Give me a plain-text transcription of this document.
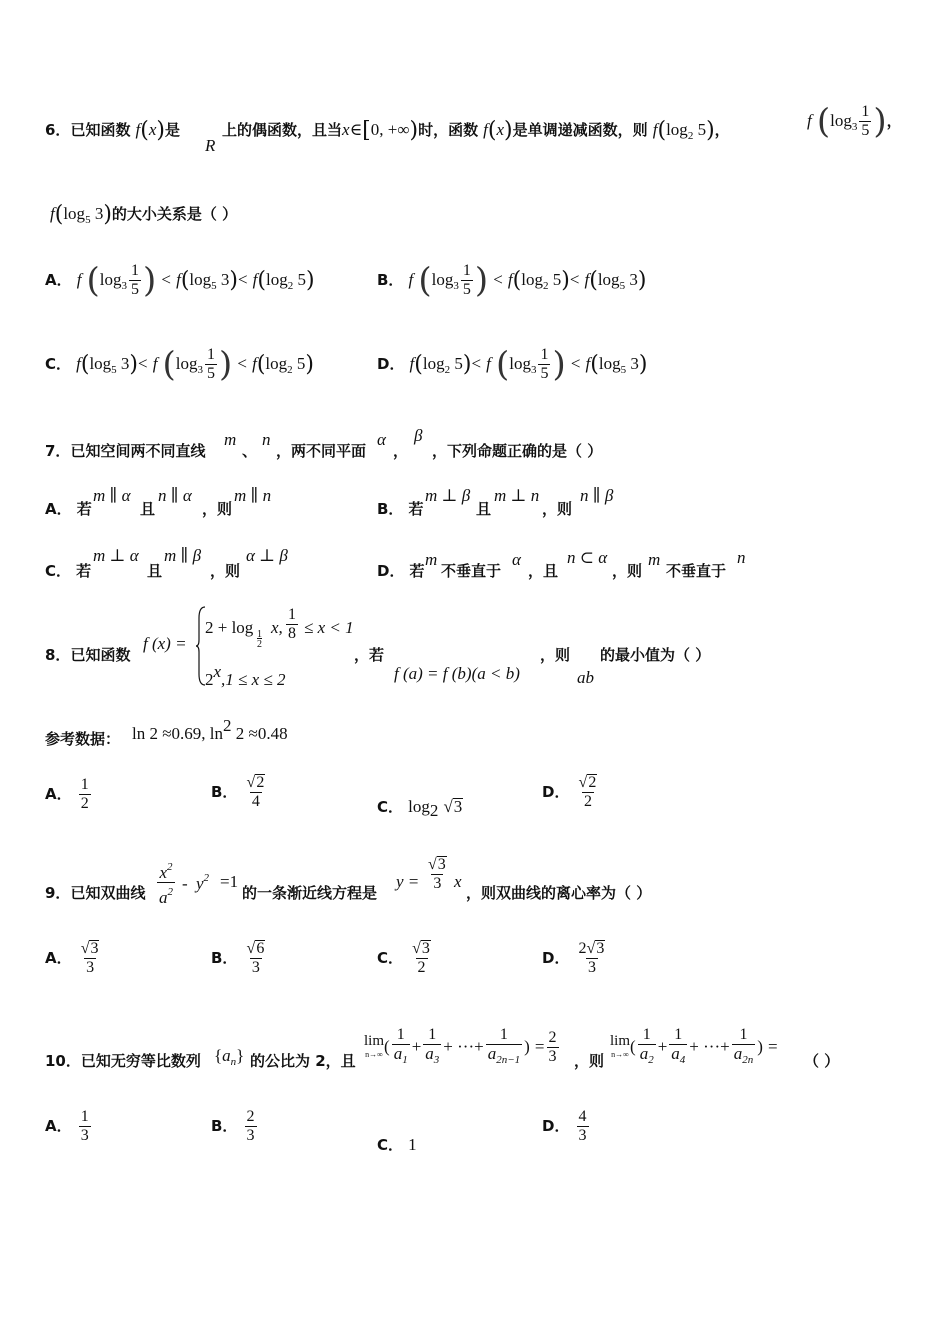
6．已知函数 f(x)是
R
上的偶函数，且当x∈[0, +∞)时，函数 f(x)是单调递减函数，则 $f(\log_2$ 5)，	f ($\log_3 \frac{1}{5}$ )，
$f(\log_5$ 3)的大小关系是（ ）
A． f ($\log_3 \frac{1}{5}$ ) < $f(\log_5$ $3)< f(\log_2$ 5)	B． f ($\log_3 \frac{1}{5}$ ) < $f(\log_2$ $5)< f(\log_5$ 3)
C． $f(\log_5$ 3)< f ($\log_3 \frac{1}{5}$ ) < $f(\log_2$ 5)	D． $f(\log_2$ 5)< f ($\log_3 \frac{1}{5}$ ) < $f(\log_5$ 3)
7．已知空间两不同直线
m
、
n
，两不同平面
α
，
β
，下列命题正确的是（ ）
A． 若
m ∥ α
且
n ∥ α
，则
m ∥ n
B． 若
m ⊥ β
且
m ⊥ n
，则
n ∥ β
C． 若
m ⊥ α
且
m ∥ β
，则
α ⊥ β
D． 若
m
不垂直于
α
，且
n ⊂ α
，则
m
不垂直于
n
8．已知函数
f (x) =
2 + log 1
2
x, $\frac{1}{8} \le x < 1$
$2^x,1 \le x \le 2$
，若
f (a) = f (b)(a < b)
，则
ab
的最小值为（ ）
参考数据： ln 2 ≈0.69, $\ln^2 2 \approx 0.48$
A． $\frac{1}{2}$	B． $\frac{√2}{4}$	C． $\log_2 √3$
D． $\frac{√2}{2}$
9．已知双曲线 $\frac{x^2}{a^2} - y^2 =1$
的一条渐近线方程是
$y = \frac{√3}{3}$ x
，则双曲线的离心率为（ ）
A． $\frac{√3}{3}$	B． $\frac{√6}{3}$	C． $\frac{√3}{2}$	D． $\frac{2√3}{3}$
10．已知无穷等比数列 $\{a_n\}$ 的公比为 2，且
lim
n→∞ ( $\frac{1}{a_1} + \frac{1}{a_3}$ + ···+ $\frac{1}{a_{2n-1}}$ ) = $\frac{2}{3}$ ，则
lim
n→∞ ( $\frac{1}{a_2} + \frac{1}{a_4}$ + ···+ $\frac{1}{a_{2n}}$ ) =
（ ）
A． $\frac{1}{3}$	B． $\frac{2}{3}$	C． 1
D． $\frac{4}{3}$
